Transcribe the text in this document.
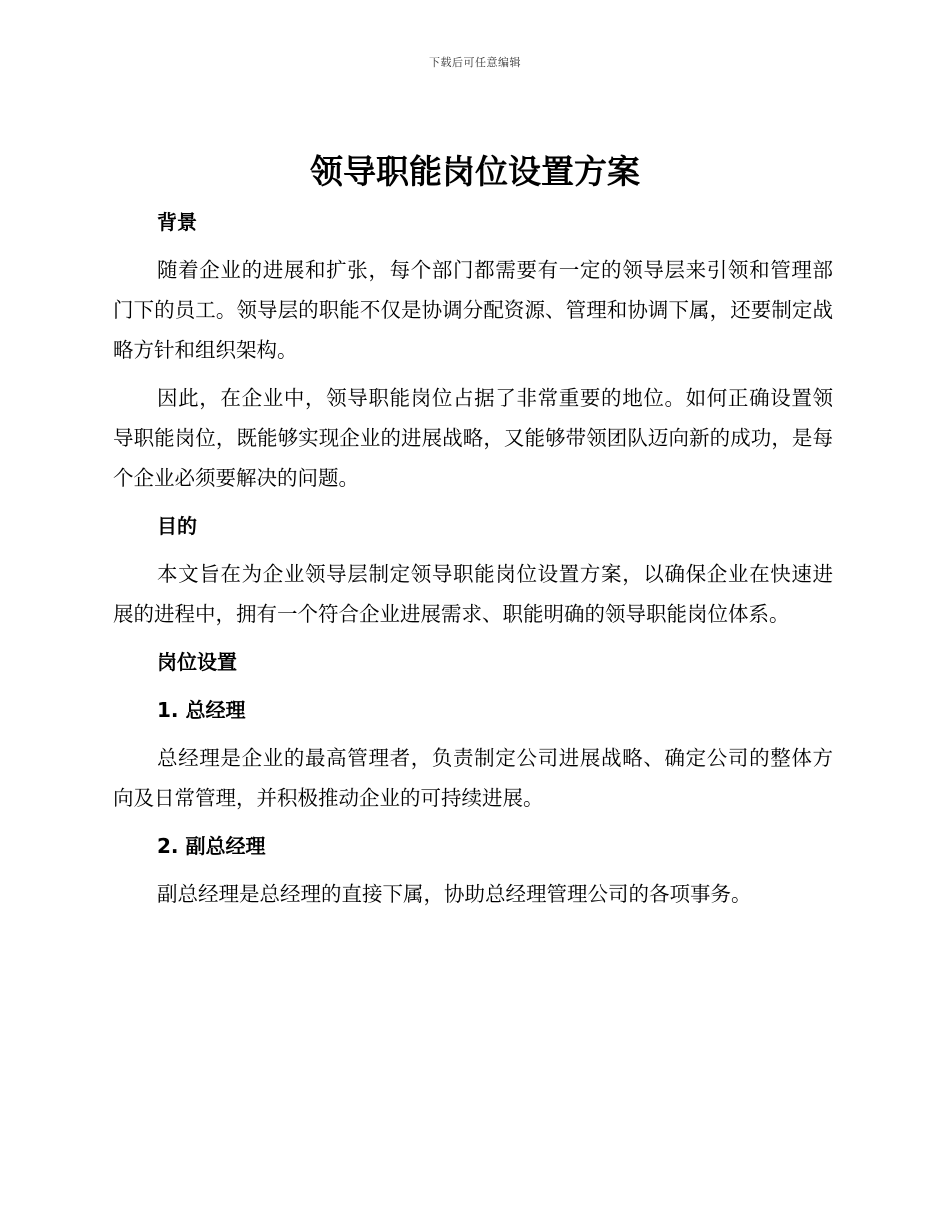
下载后可任意编辑
领导职能岗位设置方案

背景

随着企业的进展和扩张，每个部门都需要有一定的领导层来引领和管理部门下的员工。领导层的职能不仅是协调分配资源、管理和协调下属，还要制定战略方针和组织架构。

因此，在企业中，领导职能岗位占据了非常重要的地位。如何正确设置领导职能岗位，既能够实现企业的进展战略，又能够带领团队迈向新的成功，是每个企业必须要解决的问题。

目的

本文旨在为企业领导层制定领导职能岗位设置方案，以确保企业在快速进展的进程中，拥有一个符合企业进展需求、职能明确的领导职能岗位体系。

岗位设置

1. 总经理

总经理是企业的最高管理者，负责制定公司进展战略、确定公司的整体方向及日常管理，并积极推动企业的可持续进展。

2. 副总经理

副总经理是总经理的直接下属，协助总经理管理公司的各项事务。
